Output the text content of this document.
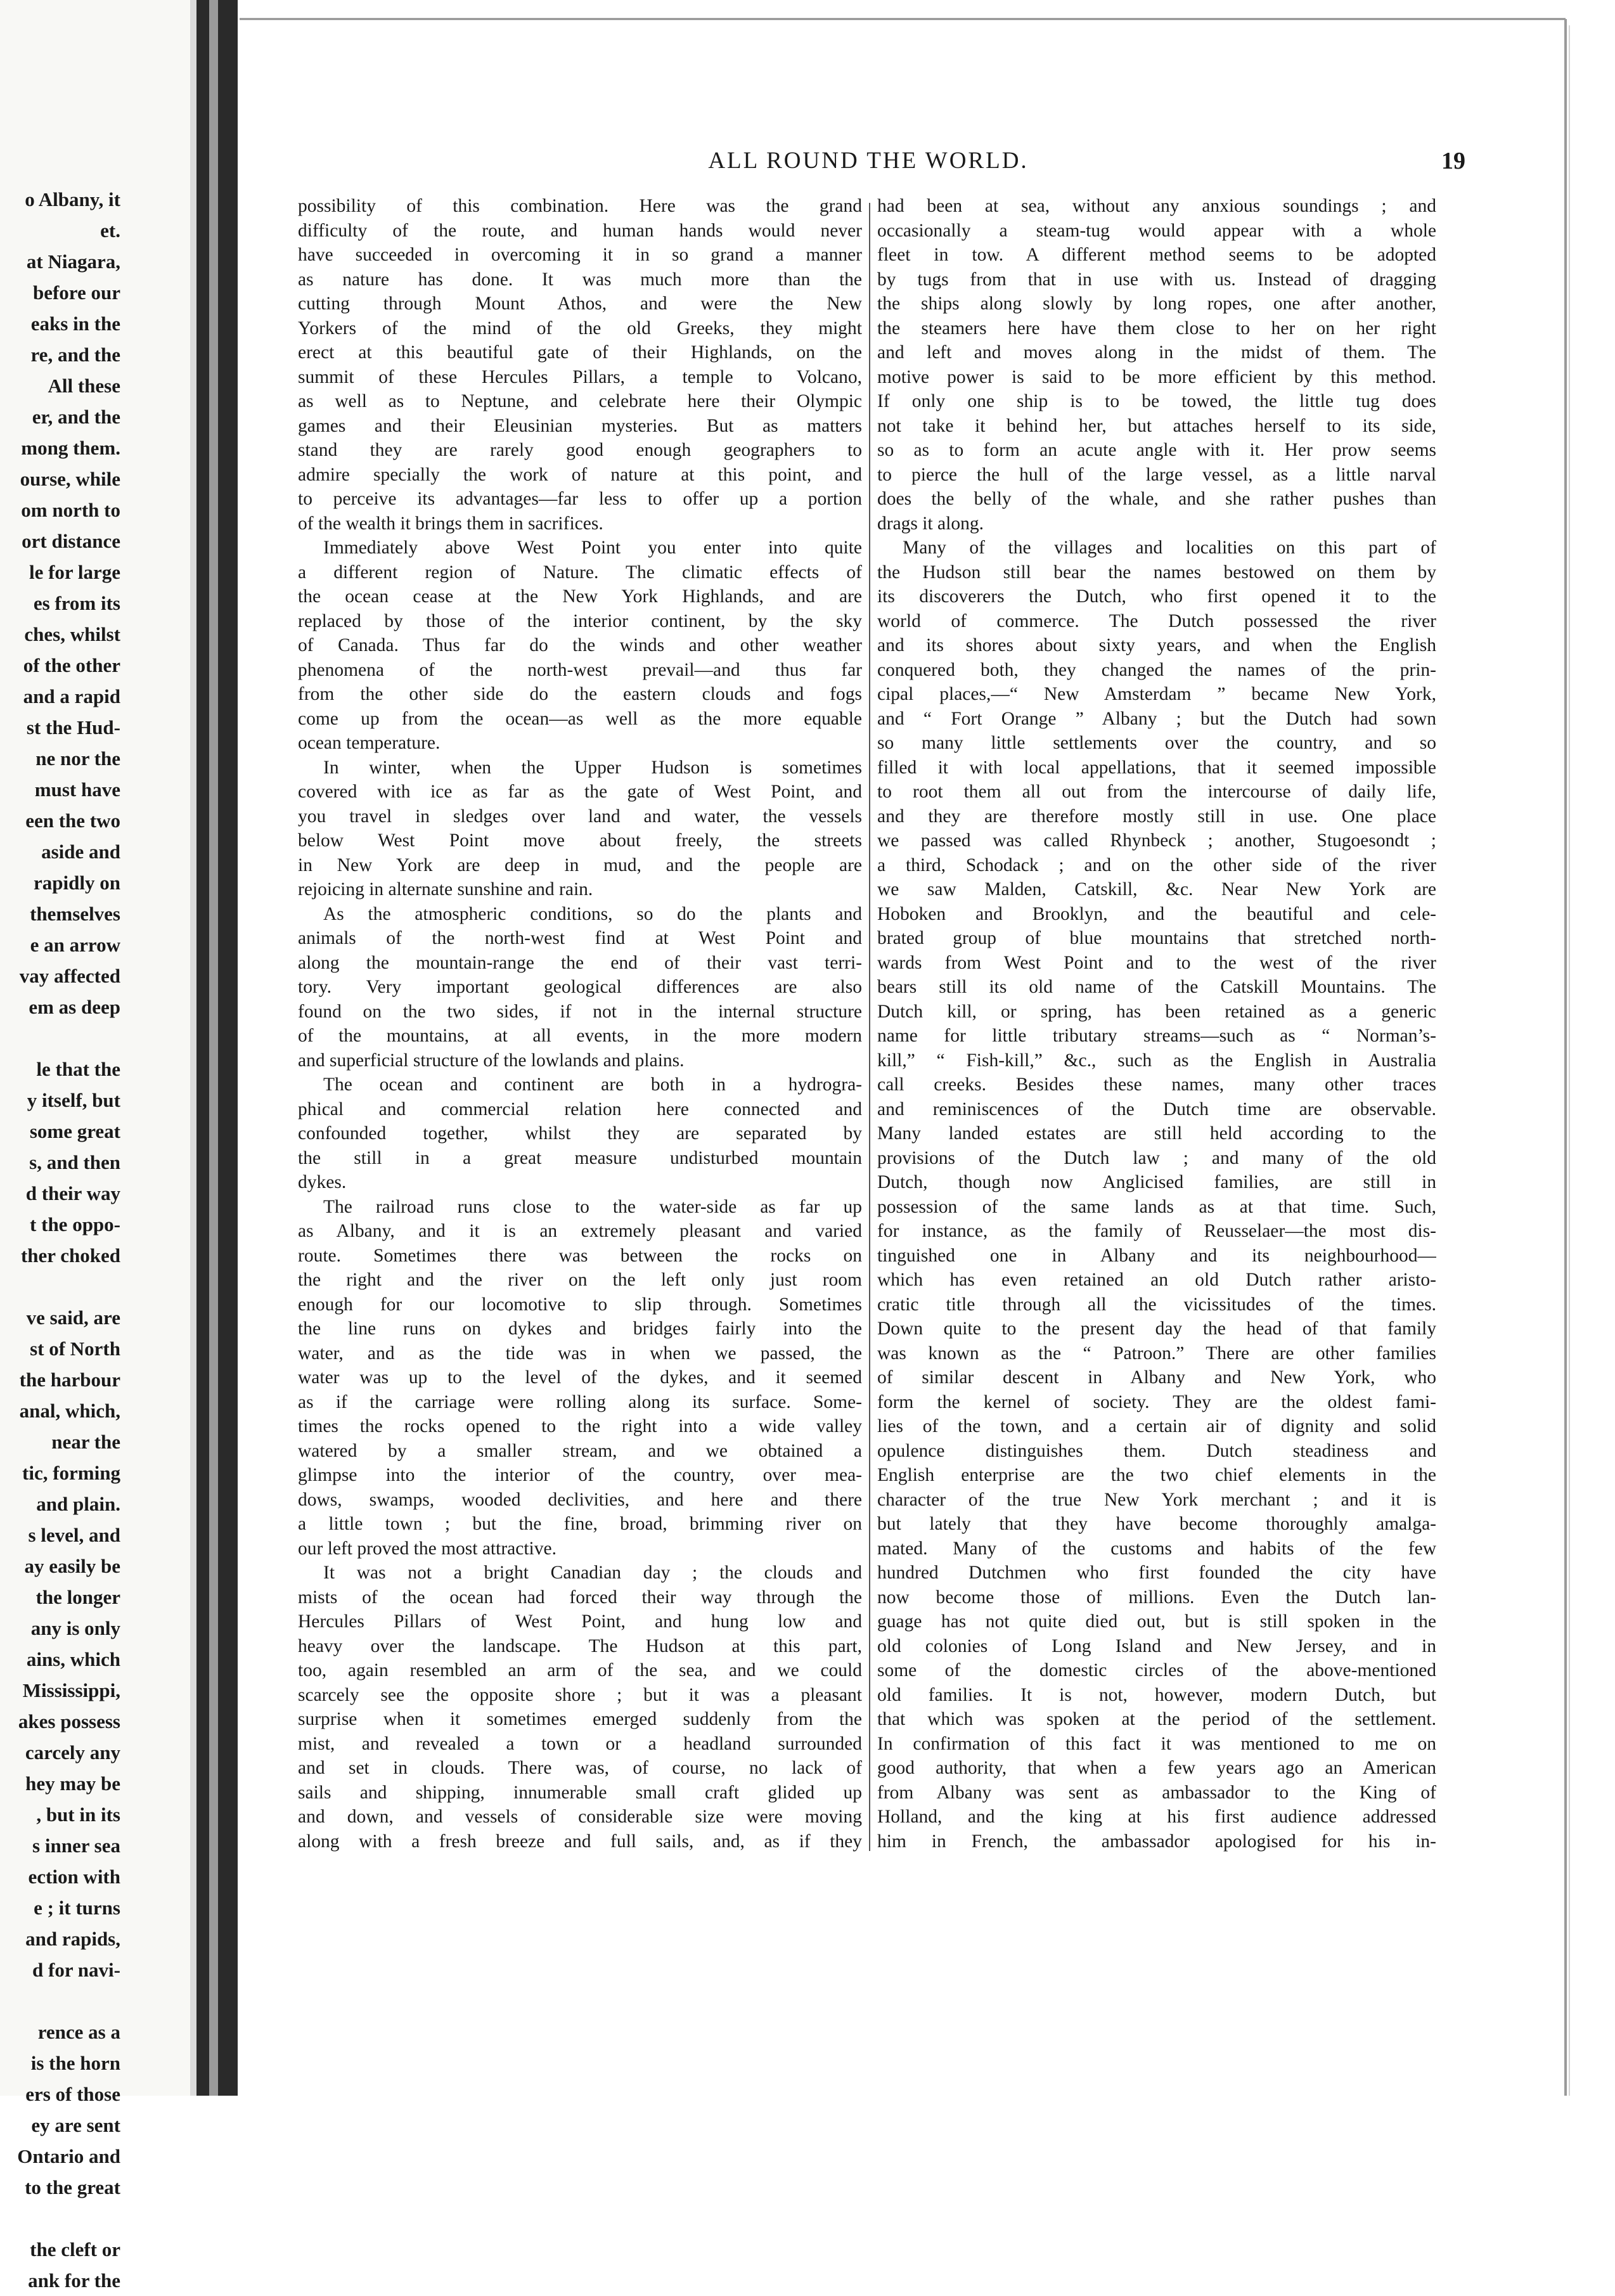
ALL ROUND THE WORLD.	19
o Albany, it
et.
at Niagara,
before our
eaks in the
re, and the
All these
er, and the
mong them.
ourse, while
om north to
ort distance
le for large
es from its
ches, whilst
of the other
and a rapid
st the Hud-
ne nor the
must have
een the two
aside and
rapidly on
themselves
e an arrow
vay affected
em as deep
le that the
y itself, but
some great
s, and then
d their way
t the oppo-
ther choked
ve said, are
st of North
the harbour
anal, which,
near the
tic, forming
and plain.
s level, and
ay easily be
the longer
any is only
ains, which
Mississippi,
akes possess
carcely any
hey may be
, but in its
s inner sea
ection with
e ; it turns
and rapids,
d for navi-
rence as a
is the horn
ers of those
ey are sent
Ontario and
to the great
the cleft or
ank for the
possibility of this combination. Here was the grand
difficulty of the route, and human hands would never
have succeeded in overcoming it in so grand a manner
as nature has done. It was much more than the
cutting through Mount Athos, and were the New
Yorkers of the mind of the old Greeks, they might
erect at this beautiful gate of their Highlands, on the
summit of these Hercules Pillars, a temple to Volcano,
as well as to Neptune, and celebrate here their Olympic
games and their Eleusinian mysteries. But as matters
stand they are rarely good enough geographers to
admire specially the work of nature at this point, and
to perceive its advantages—far less to offer up a portion
of the wealth it brings them in sacrifices.
Immediately above West Point you enter into quite
a different region of Nature. The climatic effects of
the ocean cease at the New York Highlands, and are
replaced by those of the interior continent, by the sky
of Canada. Thus far do the winds and other weather
phenomena of the north-west prevail—and thus far
from the other side do the eastern clouds and fogs
come up from the ocean—as well as the more equable
ocean temperature.
In winter, when the Upper Hudson is sometimes
covered with ice as far as the gate of West Point, and
you travel in sledges over land and water, the vessels
below West Point move about freely, the streets
in New York are deep in mud, and the people are
rejoicing in alternate sunshine and rain.
As the atmospheric conditions, so do the plants and
animals of the north-west find at West Point and
along the mountain-range the end of their vast terri-
tory. Very important geological differences are also
found on the two sides, if not in the internal structure
of the mountains, at all events, in the more modern
and superficial structure of the lowlands and plains.
The ocean and continent are both in a hydrogra-
phical and commercial relation here connected and
confounded together, whilst they are separated by
the still in a great measure undisturbed mountain
dykes.
The railroad runs close to the water-side as far up
as Albany, and it is an extremely pleasant and varied
route. Sometimes there was between the rocks on
the right and the river on the left only just room
enough for our locomotive to slip through. Sometimes
the line runs on dykes and bridges fairly into the
water, and as the tide was in when we passed, the
water was up to the level of the dykes, and it seemed
as if the carriage were rolling along its surface. Some-
times the rocks opened to the right into a wide valley
watered by a smaller stream, and we obtained a
glimpse into the interior of the country, over mea-
dows, swamps, wooded declivities, and here and there
a little town ; but the fine, broad, brimming river on
our left proved the most attractive.
It was not a bright Canadian day ; the clouds and
mists of the ocean had forced their way through the
Hercules Pillars of West Point, and hung low and
heavy over the landscape. The Hudson at this part,
too, again resembled an arm of the sea, and we could
scarcely see the opposite shore ; but it was a pleasant
surprise when it sometimes emerged suddenly from the
mist, and revealed a town or a headland surrounded
and set in clouds. There was, of course, no lack of
sails and shipping, innumerable small craft glided up
and down, and vessels of considerable size were moving
along with a fresh breeze and full sails, and, as if they
had been at sea, without any anxious soundings ; and
occasionally a steam-tug would appear with a whole
fleet in tow. A different method seems to be adopted
by tugs from that in use with us. Instead of dragging
the ships along slowly by long ropes, one after another,
the steamers here have them close to her on her right
and left and moves along in the midst of them. The
motive power is said to be more efficient by this method.
If only one ship is to be towed, the little tug does
not take it behind her, but attaches herself to its side,
so as to form an acute angle with it. Her prow seems
to pierce the hull of the large vessel, as a little narval
does the belly of the whale, and she rather pushes than
drags it along.
Many of the villages and localities on this part of
the Hudson still bear the names bestowed on them by
its discoverers the Dutch, who first opened it to the
world of commerce. The Dutch possessed the river
and its shores about sixty years, and when the English
conquered both, they changed the names of the prin-
cipal places,—“ New Amsterdam ” became New York,
and “ Fort Orange ” Albany ; but the Dutch had sown
so many little settlements over the country, and so
filled it with local appellations, that it seemed impossible
to root them all out from the intercourse of daily life,
and they are therefore mostly still in use. One place
we passed was called Rhynbeck ; another, Stugoesondt ;
a third, Schodack ; and on the other side of the river
we saw Malden, Catskill, &c. Near New York are
Hoboken and Brooklyn, and the beautiful and cele-
brated group of blue mountains that stretched north-
wards from West Point and to the west of the river
bears still its old name of the Catskill Mountains. The
Dutch kill, or spring, has been retained as a generic
name for little tributary streams—such as “ Norman’s-
kill,” “ Fish-kill,” &c., such as the English in Australia
call creeks. Besides these names, many other traces
and reminiscences of the Dutch time are observable.
Many landed estates are still held according to the
provisions of the Dutch law ; and many of the old
Dutch, though now Anglicised families, are still in
possession of the same lands as at that time. Such,
for instance, as the family of Reusselaer—the most dis-
tinguished one in Albany and its neighbourhood—
which has even retained an old Dutch rather aristo-
cratic title through all the vicissitudes of the times.
Down quite to the present day the head of that family
was known as the “ Patroon.” There are other families
of similar descent in Albany and New York, who
form the kernel of society. They are the oldest fami-
lies of the town, and a certain air of dignity and solid
opulence distinguishes them. Dutch steadiness and
English enterprise are the two chief elements in the
character of the true New York merchant ; and it is
but lately that they have become thoroughly amalga-
mated. Many of the customs and habits of the few
hundred Dutchmen who first founded the city have
now become those of millions. Even the Dutch lan-
guage has not quite died out, but is still spoken in the
old colonies of Long Island and New Jersey, and in
some of the domestic circles of the above-mentioned
old families. It is not, however, modern Dutch, but
that which was spoken at the period of the settlement.
In confirmation of this fact it was mentioned to me on
good authority, that when a few years ago an American
from Albany was sent as ambassador to the King of
Holland, and the king at his first audience addressed
him in French, the ambassador apologised for his in-
